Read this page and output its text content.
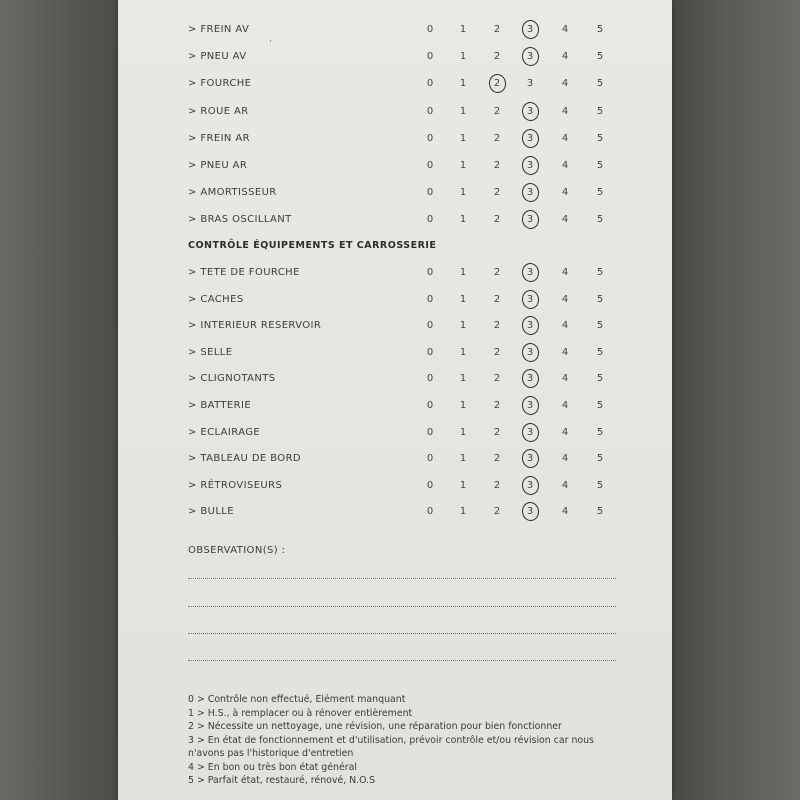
·
> FREIN AV	0	1	2	3	4	5
> PNEU AV	0	1	2	3	4	5
> FOURCHE	0	1	2	3	4	5
> ROUE AR	0	1	2	3	4	5
> FREIN AR	0	1	2	3	4	5
> PNEU AR	0	1	2	3	4	5
> AMORTISSEUR	0	1	2	3	4	5
> BRAS OSCILLANT	0	1	2	3	4	5
CONTRÔLE ÉQUIPEMENTS ET CARROSSERIE
> TETE DE FOURCHE	0	1	2	3	4	5
> CACHES	0	1	2	3	4	5
> INTERIEUR RESERVOIR	0	1	2	3	4	5
> SELLE	0	1	2	3	4	5
> CLIGNOTANTS	0	1	2	3	4	5
> BATTERIE	0	1	2	3	4	5
> ECLAIRAGE	0	1	2	3	4	5
> TABLEAU DE BORD	0	1	2	3	4	5
> RÉTROVISEURS	0	1	2	3	4	5
> BULLE	0	1	2	3	4	5
OBSERVATION(S) :
0 > Contrôle non effectué, Elément manquant
1 > H.S., à remplacer ou à rénover entièrement
2 > Nécessite un nettoyage, une révision, une réparation pour bien fonctionner
3 > En état de fonctionnement et d'utilisation, prévoir contrôle et/ou révision car nous
n'avons pas l'historique d'entretien
4 > En bon ou très bon état général
5 > Parfait état, restauré, rénové, N.O.S
